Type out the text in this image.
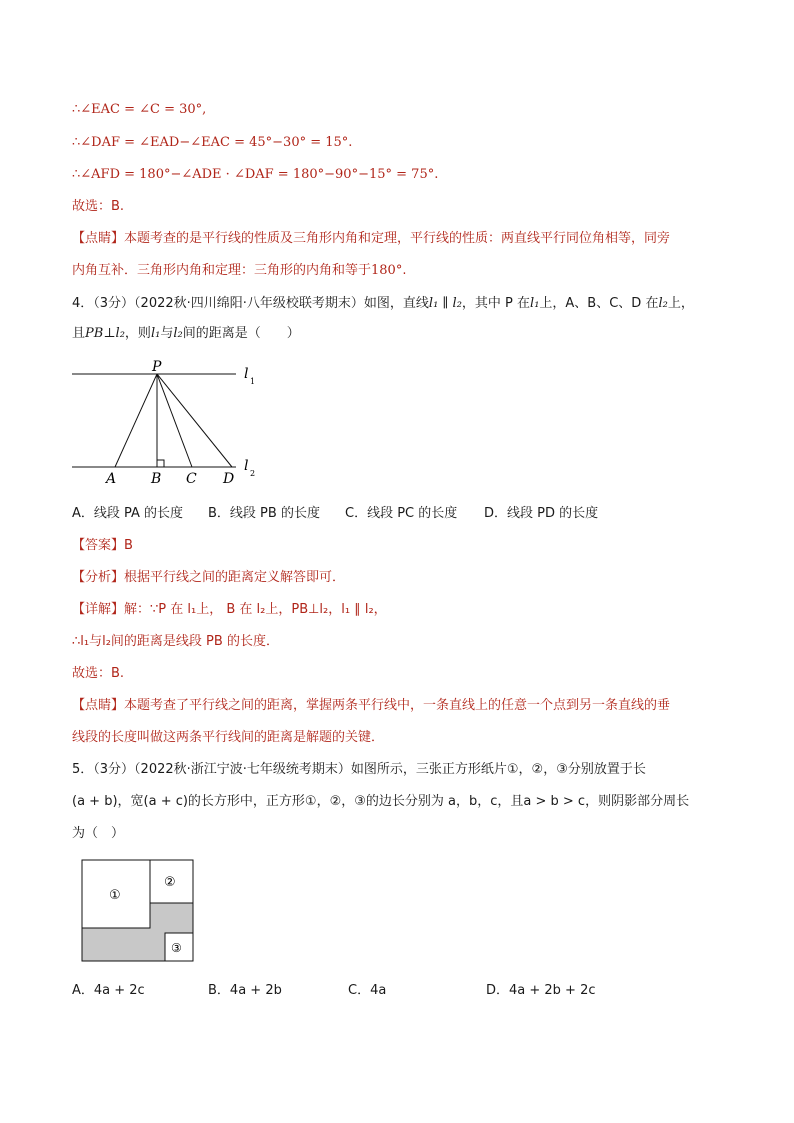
∴∠EAC = ∠C = 30°,
∴∠DAF = ∠EAD−∠EAC = 45°−30° = 15°.
∴∠AFD = 180°−∠ADE · ∠DAF = 180°−90°−15° = 75°.
故选：B.
【点睛】本题考查的是平行线的性质及三角形内角和定理，平行线的性质：两直线平行同位角相等，同旁
内角互补．三角形内角和定理：三角形的内角和等于180°.
4．（3分）（2022秋·四川绵阳·八年级校联考期末）如图，直线l₁ ∥ l₂，其中 P 在l₁上，A、B、C、D 在l₂上，
且PB⊥l₂，则l₁与l₂间的距离是（　　）
P
A B C D
l 1
l 2
A．线段 PA 的长度 B．线段 PB 的长度 C．线段 PC 的长度 D．线段 PD 的长度
【答案】B
【分析】根据平行线之间的距离定义解答即可．
【详解】解：∵P 在 l₁上， B 在 l₂上，PB⊥l₂，l₁ ∥ l₂，
∴l₁与l₂间的距离是线段 PB 的长度．
故选：B.
【点睛】本题考查了平行线之间的距离，掌握两条平行线中，一条直线上的任意一个点到另一条直线的垂
线段的长度叫做这两条平行线间的距离是解题的关键．
5．（3分）（2022秋·浙江宁波·七年级统考期末）如图所示，三张正方形纸片①，②，③分别放置于长
(a + b)，宽(a + c)的长方形中，正方形①，②，③的边长分别为 a，b，c，且a > b > c，则阴影部分周长
为（　）
①
②
③
A．4a + 2c	B．4a + 2b	C．4a	D．4a + 2b + 2c
